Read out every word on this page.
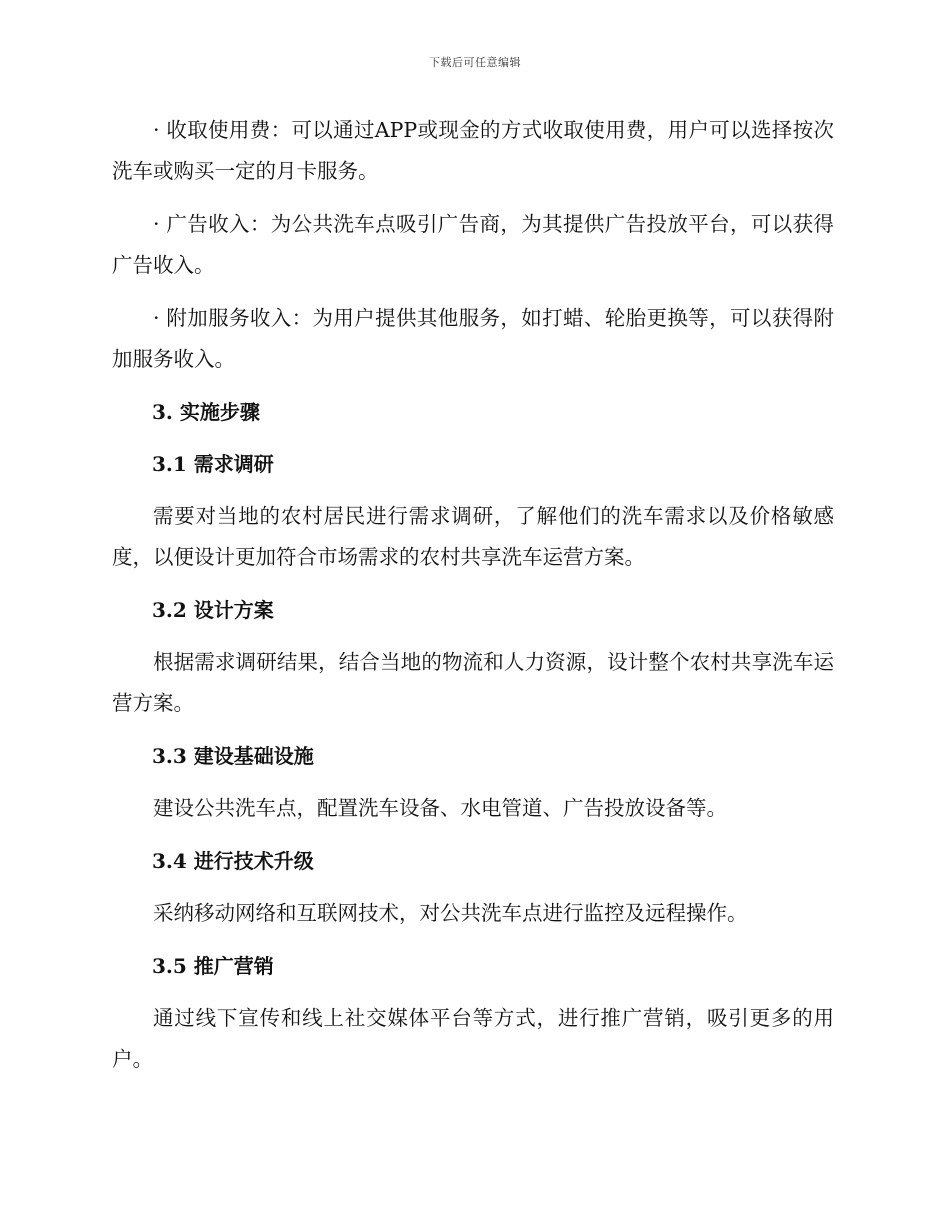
下载后可任意编辑

· 收取使用费：可以通过APP或现金的方式收取使用费，用户可以选择按次洗车或购买一定的月卡服务。

· 广告收入：为公共洗车点吸引广告商，为其提供广告投放平台，可以获得广告收入。

· 附加服务收入：为用户提供其他服务，如打蜡、轮胎更换等，可以获得附加服务收入。

3. 实施步骤
3.1 需求调研

需要对当地的农村居民进行需求调研，了解他们的洗车需求以及价格敏感度，以便设计更加符合市场需求的农村共享洗车运营方案。

3.2 设计方案

根据需求调研结果，结合当地的物流和人力资源，设计整个农村共享洗车运营方案。

3.3 建设基础设施

建设公共洗车点，配置洗车设备、水电管道、广告投放设备等。

3.4 进行技术升级

采纳移动网络和互联网技术，对公共洗车点进行监控及远程操作。

3.5 推广营销

通过线下宣传和线上社交媒体平台等方式，进行推广营销，吸引更多的用户。
